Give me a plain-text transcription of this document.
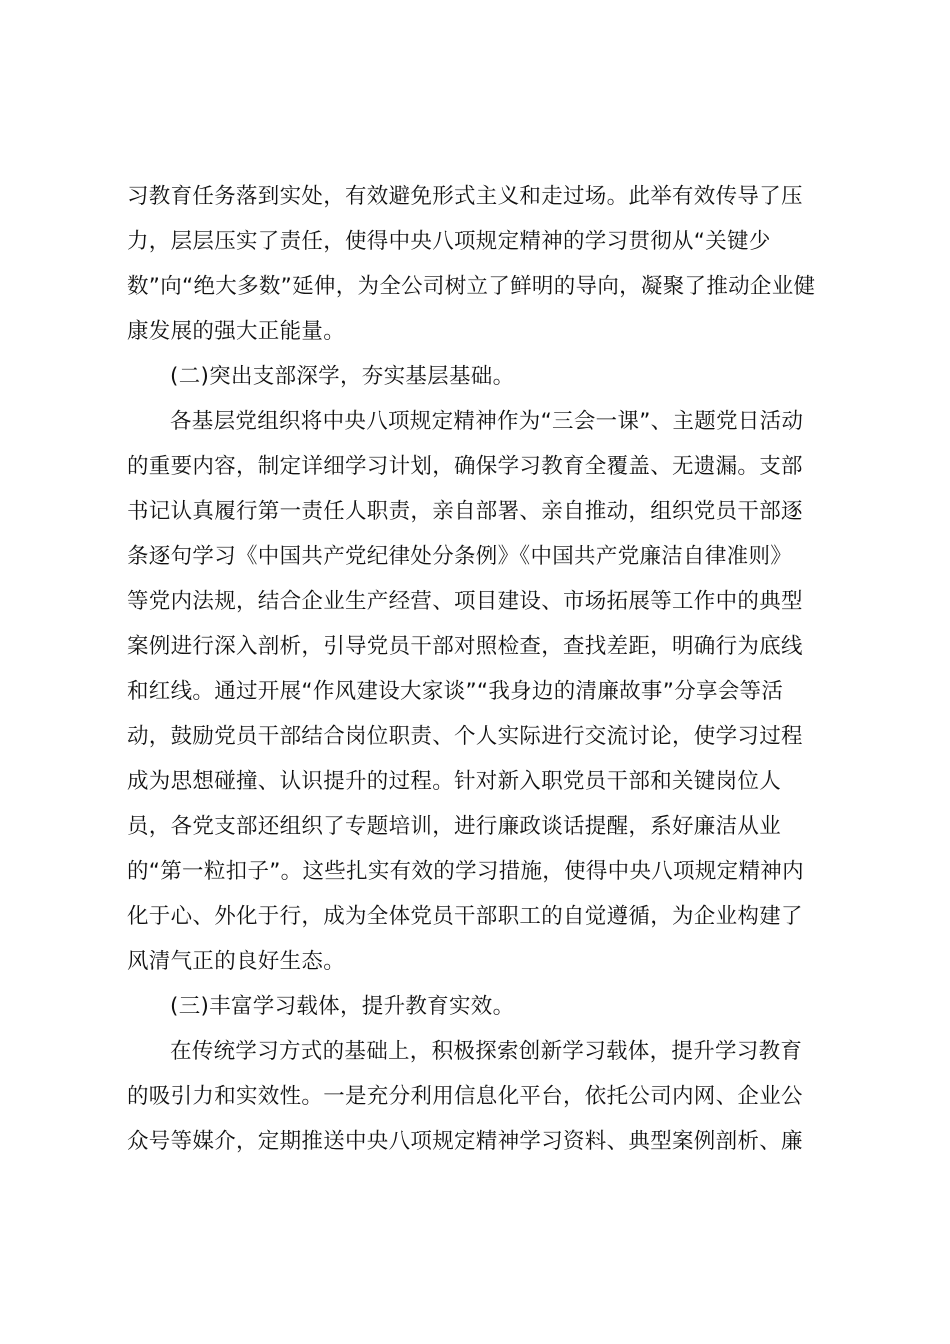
习教育任务落到实处，有效避免形式主义和走过场。此举有效传导了压
力，层层压实了责任，使得中央八项规定精神的学习贯彻从“关键少
数”向“绝大多数”延伸，为全公司树立了鲜明的导向，凝聚了推动企业健
康发展的强大正能量。
(二)突出支部深学，夯实基层基础。
各基层党组织将中央八项规定精神作为“三会一课”、主题党日活动
的重要内容，制定详细学习计划，确保学习教育全覆盖、无遗漏。支部
书记认真履行第一责任人职责，亲自部署、亲自推动，组织党员干部逐
条逐句学习《中国共产党纪律处分条例》《中国共产党廉洁自律准则》
等党内法规，结合企业生产经营、项目建设、市场拓展等工作中的典型
案例进行深入剖析，引导党员干部对照检查，查找差距，明确行为底线
和红线。通过开展“作风建设大家谈”“我身边的清廉故事”分享会等活
动，鼓励党员干部结合岗位职责、个人实际进行交流讨论，使学习过程
成为思想碰撞、认识提升的过程。针对新入职党员干部和关键岗位人
员，各党支部还组织了专题培训，进行廉政谈话提醒，系好廉洁从业
的“第一粒扣子”。这些扎实有效的学习措施，使得中央八项规定精神内
化于心、外化于行，成为全体党员干部职工的自觉遵循，为企业构建了
风清气正的良好生态。
(三)丰富学习载体，提升教育实效。
在传统学习方式的基础上，积极探索创新学习载体，提升学习教育
的吸引力和实效性。一是充分利用信息化平台，依托公司内网、企业公
众号等媒介，定期推送中央八项规定精神学习资料、典型案例剖析、廉
